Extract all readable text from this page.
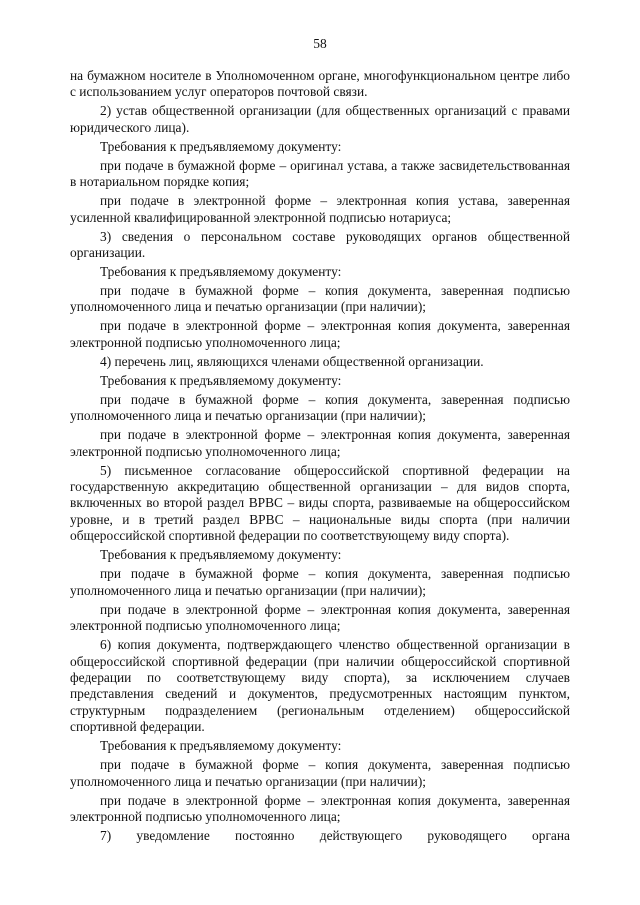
58

на бумажном носителе в Уполномоченном органе, многофункциональном центре либо с использованием услуг операторов почтовой связи.

2) устав общественной организации (для общественных организаций с правами юридического лица).

Требования к предъявляемому документу:

при подаче в бумажной форме – оригинал устава, а также засвидетельствованная в нотариальном порядке копия;

при подаче в электронной форме – электронная копия устава, заверенная усиленной квалифицированной электронной подписью нотариуса;

3) сведения о персональном составе руководящих органов общественной организации.

Требования к предъявляемому документу:

при подаче в бумажной форме – копия документа, заверенная подписью уполномоченного лица и печатью организации (при наличии);

при подаче в электронной форме – электронная копия документа, заверенная электронной подписью уполномоченного лица;

4) перечень лиц, являющихся членами общественной организации.

Требования к предъявляемому документу:

при подаче в бумажной форме – копия документа, заверенная подписью уполномоченного лица и печатью организации (при наличии);

при подаче в электронной форме – электронная копия документа, заверенная электронной подписью уполномоченного лица;

5) письменное согласование общероссийской спортивной федерации на государственную аккредитацию общественной организации – для видов спорта, включенных во второй раздел ВРВС – виды спорта, развиваемые на общероссийском уровне, и в третий раздел ВРВС – национальные виды спорта (при наличии общероссийской спортивной федерации по соответствующему виду спорта).

Требования к предъявляемому документу:

при подаче в бумажной форме – копия документа, заверенная подписью уполномоченного лица и печатью организации (при наличии);

при подаче в электронной форме – электронная копия документа, заверенная электронной подписью уполномоченного лица;

6) копия документа, подтверждающего членство общественной организации в общероссийской спортивной федерации (при наличии общероссийской спортивной федерации по соответствующему виду спорта), за исключением случаев представления сведений и документов, предусмотренных настоящим пунктом, структурным подразделением (региональным отделением) общероссийской спортивной федерации.

Требования к предъявляемому документу:

при подаче в бумажной форме – копия документа, заверенная подписью уполномоченного лица и печатью организации (при наличии);

при подаче в электронной форме – электронная копия документа, заверенная электронной подписью уполномоченного лица;

7) уведомление постоянно действующего руководящего органа
